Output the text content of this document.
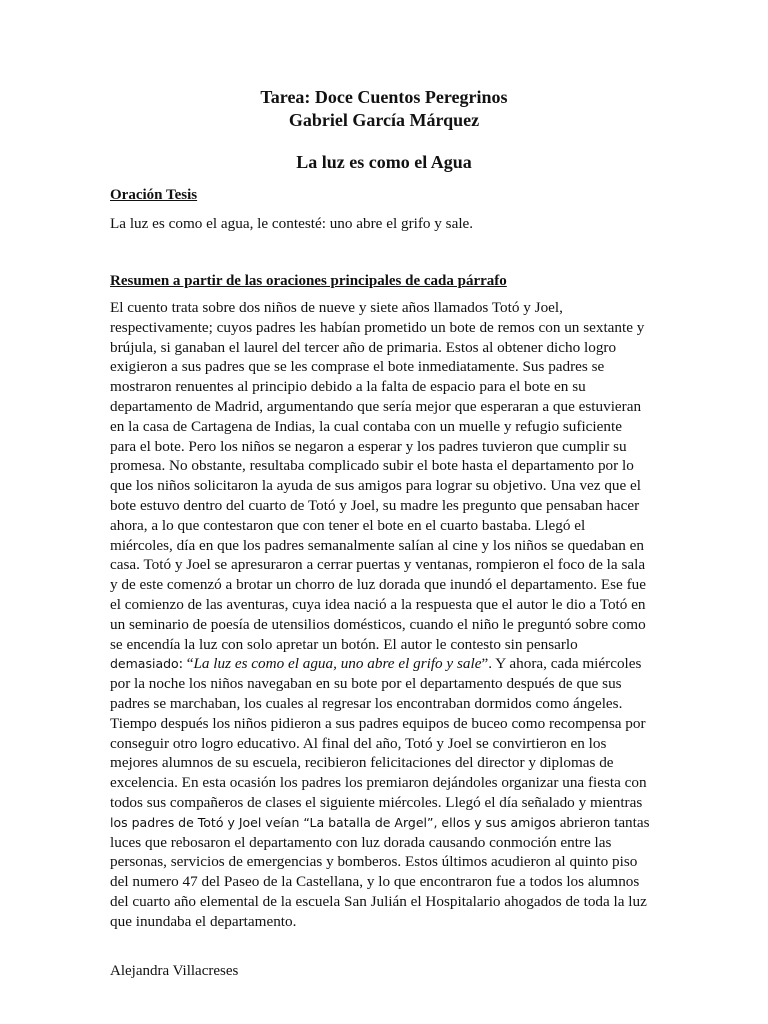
Tarea: Doce Cuentos Peregrinos
Gabriel García Márquez
La luz es como el Agua
Oración Tesis
La luz es como el agua, le contesté: uno abre el grifo y sale.
Resumen a partir de las oraciones principales de cada párrafo
El cuento trata sobre dos niños de nueve y siete años llamados Totó y Joel,
respectivamente; cuyos padres les habían prometido un bote de remos con un sextante y
brújula, si ganaban el laurel del tercer año de primaria. Estos al obtener dicho logro
exigieron a sus padres que se les comprase el bote inmediatamente. Sus padres se
mostraron renuentes al principio debido a la falta de espacio para el bote en su
departamento de Madrid, argumentando que sería mejor que esperaran a que estuvieran
en la casa de Cartagena de Indias, la cual contaba con un muelle y refugio suficiente
para el bote. Pero los niños se negaron a esperar y los padres tuvieron que cumplir su
promesa. No obstante, resultaba complicado subir el bote hasta el departamento por lo
que los niños solicitaron la ayuda de sus amigos para lograr su objetivo. Una vez que el
bote estuvo dentro del cuarto de Totó y Joel, su madre les pregunto que pensaban hacer
ahora, a lo que contestaron que con tener el bote en el cuarto bastaba. Llegó el
miércoles, día en que los padres semanalmente salían al cine y los niños se quedaban en
casa. Totó y Joel se apresuraron a cerrar puertas y ventanas, rompieron el foco de la sala
y de este comenzó a brotar un chorro de luz dorada que inundó el departamento. Ese fue
el comienzo de las aventuras, cuya idea nació a la respuesta que el autor le dio a Totó en
un seminario de poesía de utensilios domésticos, cuando el niño le preguntó sobre como
se encendía la luz con solo apretar un botón. El autor le contesto sin pensarlo
demasiado: “La luz es como el agua, uno abre el grifo y sale”. Y ahora, cada miércoles
por la noche los niños navegaban en su bote por el departamento después de que sus
padres se marchaban, los cuales al regresar los encontraban dormidos como ángeles.
Tiempo después los niños pidieron a sus padres equipos de buceo como recompensa por
conseguir otro logro educativo. Al final del año, Totó y Joel se convirtieron en los
mejores alumnos de su escuela, recibieron felicitaciones del director y diplomas de
excelencia. En esta ocasión los padres los premiaron dejándoles organizar una fiesta con
todos sus compañeros de clases el siguiente miércoles. Llegó el día señalado y mientras
los padres de Totó y Joel veían “La batalla de Argel”, ellos y sus amigos abrieron tantas
luces que rebosaron el departamento con luz dorada causando conmoción entre las
personas, servicios de emergencias y bomberos. Estos últimos acudieron al quinto piso
del numero 47 del Paseo de la Castellana, y lo que encontraron fue a todos los alumnos
del cuarto año elemental de la escuela San Julián el Hospitalario ahogados de toda la luz
que inundaba el departamento.
Alejandra Villacreses
